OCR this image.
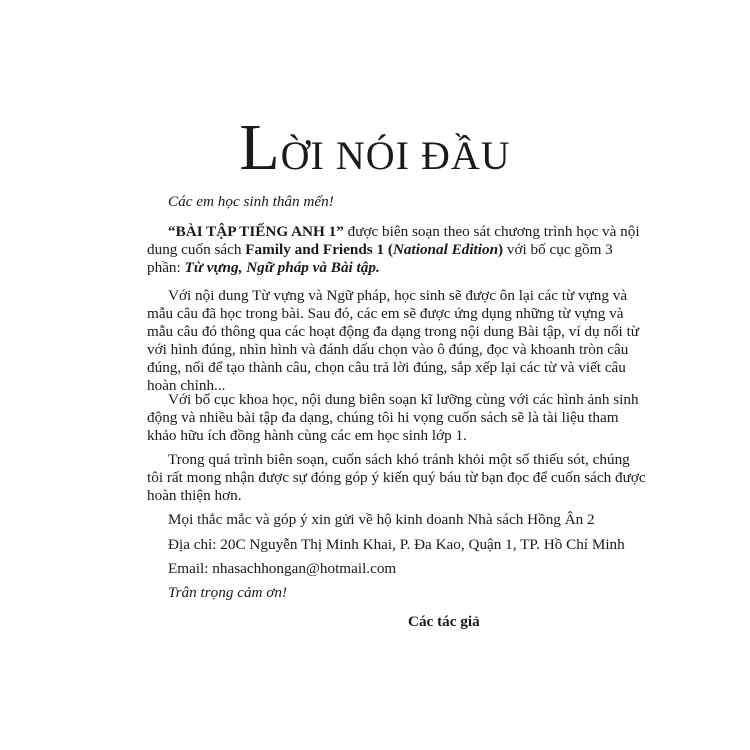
LỜI NÓI ĐẦU
Các em học sinh thân mến!
“BÀI TẬP TIẾNG ANH 1” được biên soạn theo sát chương trình học và nội
dung cuốn sách Family and Friends 1 (National Edition) với bố cục gồm 3
phần: Từ vựng, Ngữ pháp và Bài tập.
Với nội dung Từ vựng và Ngữ pháp, học sinh sẽ được ôn lại các từ vựng và
mẫu câu đã học trong bài. Sau đó, các em sẽ được ứng dụng những từ vựng và
mẫu câu đó thông qua các hoạt động đa dạng trong nội dung Bài tập, ví dụ nối từ
với hình đúng, nhìn hình và đánh dấu chọn vào ô đúng, đọc và khoanh tròn câu
đúng, nối để tạo thành câu, chọn câu trả lời đúng, sắp xếp lại các từ và viết câu
hoàn chỉnh...
Với bố cục khoa học, nội dung biên soạn kĩ lưỡng cùng với các hình ảnh sinh
động và nhiều bài tập đa dạng, chúng tôi hi vọng cuốn sách sẽ là tài liệu tham
khảo hữu ích đồng hành cùng các em học sinh lớp 1.
Trong quá trình biên soạn, cuốn sách khó tránh khỏi một số thiếu sót, chúng
tôi rất mong nhận được sự đóng góp ý kiến quý báu từ bạn đọc để cuốn sách được
hoàn thiện hơn.
Mọi thắc mắc và góp ý xin gửi về hộ kinh doanh Nhà sách Hồng Ân 2
Địa chỉ: 20C Nguyễn Thị Minh Khai, P. Đa Kao, Quận 1, TP. Hồ Chí Minh
Email: nhasachhongan@hotmail.com
Trân trọng cảm ơn!
Các tác giả
